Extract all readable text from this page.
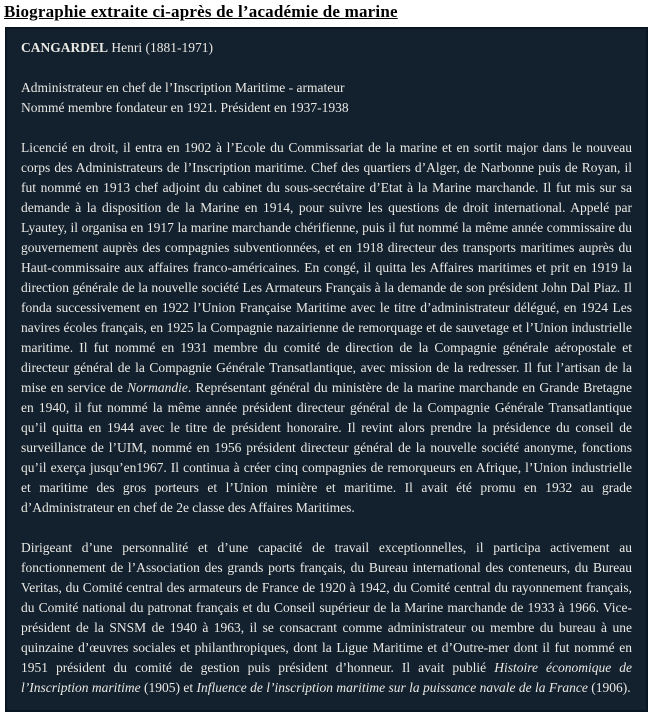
Biographie extraite ci-après de l’académie de marine

CANGARDEL Henri (1881-1971)

Administrateur en chef de l’Inscription Maritime - armateur

Nommé membre fondateur en 1921. Président en 1937-1938

Licencié en droit, il entra en 1902 à l’Ecole du Commissariat de la marine et en sortit major dans le nouveau corps des Administrateurs de l’Inscription maritime. Chef des quartiers d’Alger, de Narbonne puis de Royan, il fut nommé en 1913 chef adjoint du cabinet du sous-secrétaire d’Etat à la Marine marchande. Il fut mis sur sa demande à la disposition de la Marine en 1914, pour suivre les questions de droit international. Appelé par Lyautey, il organisa en 1917 la marine marchande chérifienne, puis il fut nommé la même année commissaire du gouvernement auprès des compagnies subventionnées, et en 1918 directeur des transports maritimes auprès du Haut-commissaire aux affaires franco-américaines. En congé, il quitta les Affaires maritimes et prit en 1919 la direction générale de la nouvelle société Les Armateurs Français à la demande de son président John Dal Piaz. Il fonda successivement en 1922 l’Union Française Maritime avec le titre d’administrateur délégué, en 1924 Les navires écoles français, en 1925 la Compagnie nazairienne de remorquage et de sauvetage et l’Union industrielle maritime. Il fut nommé en 1931 membre du comité de direction de la Compagnie générale aéropostale et directeur général de la Compagnie Générale Transatlantique, avec mission de la redresser. Il fut l’artisan de la mise en service de Normandie. Représentant général du ministère de la marine marchande en Grande Bretagne en 1940, il fut nommé la même année président directeur général de la Compagnie Générale Transatlantique qu’il quitta en 1944 avec le titre de président honoraire. Il revint alors prendre la présidence du conseil de surveillance de l’UIM, nommé en 1956 président directeur général de la nouvelle société anonyme, fonctions qu’il exerça jusqu’en1967. Il continua à créer cinq compagnies de remorqueurs en Afrique, l’Union industrielle et maritime des gros porteurs et l’Union minière et maritime. Il avait été promu en 1932 au grade d’Administrateur en chef de 2e classe des Affaires Maritimes.

Dirigeant d’une personnalité et d’une capacité de travail exceptionnelles, il participa activement au fonctionnement de l’Association des grands ports français, du Bureau international des conteneurs, du Bureau Veritas, du Comité central des armateurs de France de 1920 à 1942, du Comité central du rayonnement français, du Comité national du patronat français et du Conseil supérieur de la Marine marchande de 1933 à 1966. Vice-président de la SNSM de 1940 à 1963, il se consacrant comme administrateur ou membre du bureau à une quinzaine d’œuvres sociales et philanthropiques, dont la Ligue Maritime et d’Outre-mer dont il fut nommé en 1951 président du comité de gestion puis président d’honneur. Il avait publié Histoire économique de l’Inscription maritime (1905) et Influence de l’inscription maritime sur la puissance navale de la France (1906).
